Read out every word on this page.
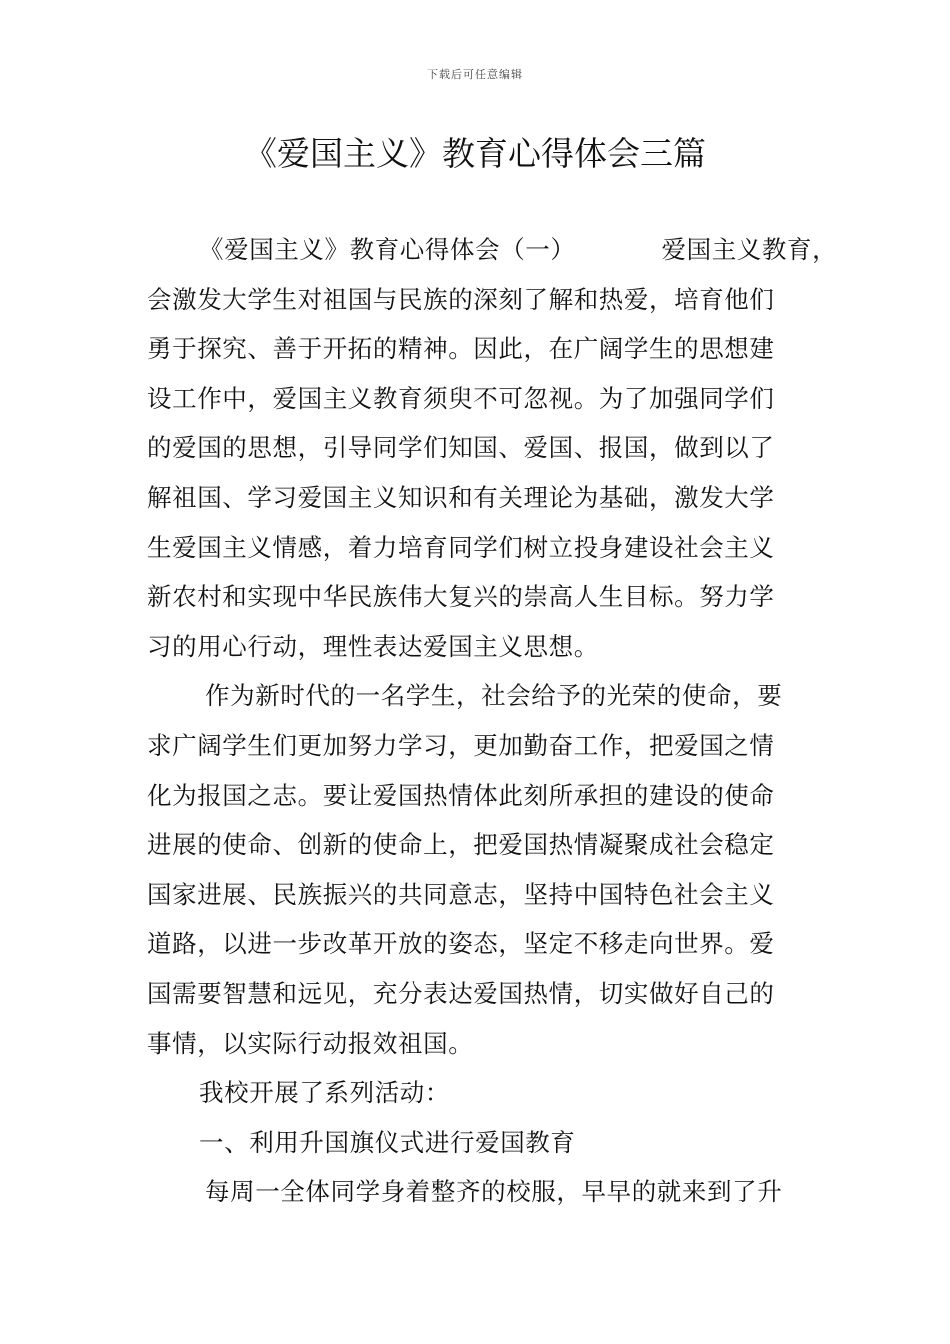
下载后可任意编辑
《爱国主义》教育心得体会三篇
《爱国主义》教育心得体会（一）	爱国主义教育，
会激发大学生对祖国与民族的深刻了解和热爱，培育他们
勇于探究、善于开拓的精神。因此，在广阔学生的思想建
设工作中，爱国主义教育须臾不可忽视。为了加强同学们
的爱国的思想，引导同学们知国、爱国、报国，做到以了
解祖国、学习爱国主义知识和有关理论为基础，激发大学
生爱国主义情感，着力培育同学们树立投身建设社会主义
新农村和实现中华民族伟大复兴的崇高人生目标。努力学
习的用心行动，理性表达爱国主义思想。
作为新时代的一名学生，社会给予的光荣的使命，要
求广阔学生们更加努力学习，更加勤奋工作，把爱国之情
化为报国之志。要让爱国热情体此刻所承担的建设的使命
进展的使命、创新的使命上，把爱国热情凝聚成社会稳定
国家进展、民族振兴的共同意志，坚持中国特色社会主义
道路，以进一步改革开放的姿态，坚定不移走向世界。爱
国需要智慧和远见，充分表达爱国热情，切实做好自己的
事情，以实际行动报效祖国。
我校开展了系列活动：
一、利用升国旗仪式进行爱国教育
每周一全体同学身着整齐的校服，早早的就来到了升
